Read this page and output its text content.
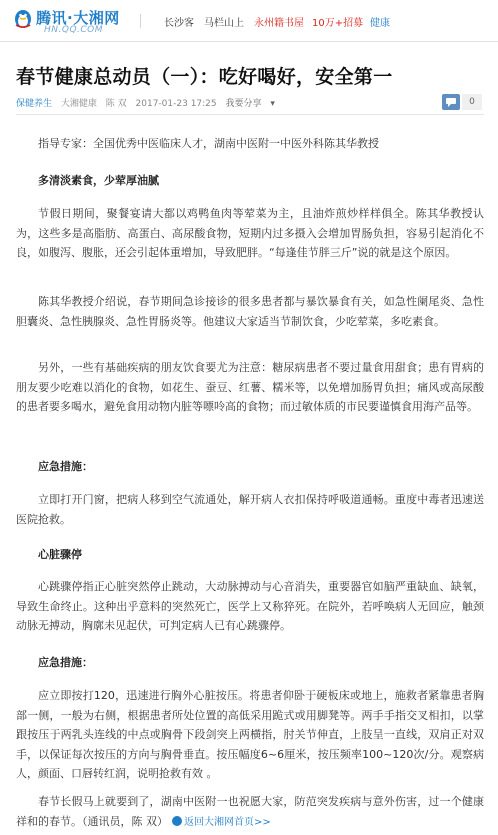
腾讯·大湘网
HN.QQ.COM
长沙客 马栏山上 永州籍书屋 10万+招募 健康
春节健康总动员（一）：吃好喝好，安全第一
保健养生 大湘健康 陈 双 2017-01-23 17:25 我要分享 ▾	0

指导专家：全国优秀中医临床人才，湖南中医附一中医外科陈其华教授

多清淡素食，少荤厚油腻

节假日期间，聚餐宴请大都以鸡鸭鱼肉等荤菜为主，且油炸煎炒样样俱全。陈其华教授认为，这些多是高脂肪、高蛋白、高尿酸食物，短期内过多摄入会增加胃肠负担，容易引起消化不良，如腹泻、腹胀，还会引起体重增加，导致肥胖。“每逢佳节胖三斤”说的就是这个原因。

陈其华教授介绍说，春节期间急诊接诊的很多患者都与暴饮暴食有关，如急性阑尾炎、急性胆囊炎、急性胰腺炎、急性胃肠炎等。他建议大家适当节制饮食，少吃荤菜，多吃素食。

另外，一些有基础疾病的朋友饮食要尤为注意：糖尿病患者不要过量食用甜食；患有胃病的朋友要少吃难以消化的食物，如花生、蚕豆、红薯、糯米等，以免增加肠胃负担；痛风或高尿酸的患者要多喝水，避免食用动物内脏等嘌呤高的食物；而过敏体质的市民要谨慎食用海产品等。

应急措施：

立即打开门窗，把病人移到空气流通处，解开病人衣扣保持呼吸道通畅。重度中毒者迅速送医院抢救。

心脏骤停

心跳骤停指正心脏突然停止跳动，大动脉搏动与心音消失，重要器官如脑严重缺血、缺氧，导致生命终止。这种出乎意料的突然死亡，医学上又称猝死。在院外，若呼唤病人无回应，触颈动脉无搏动，胸廓未见起伏，可判定病人已有心跳骤停。

应急措施：

应立即按打120，迅速进行胸外心脏按压。将患者仰卧于硬板床或地上，施救者紧靠患者胸部一侧，一般为右侧，根据患者所处位置的高低采用跪式或用脚凳等。两手手指交叉相扣，以掌跟按压于两乳头连线的中点或胸骨下段剑突上两横指，肘关节伸直，上肢呈一直线，双肩正对双手，以保证每次按压的方向与胸骨垂直。按压幅度6~6厘米，按压频率100~120次/分。观察病人，颜面、口唇转红润，说明抢救有效 。

春节长假马上就要到了，湖南中医附一也祝愿大家，防范突发疾病与意外伤害，过一个健康祥和的春节。（通讯员，陈 双） 返回大湘网首页>>
